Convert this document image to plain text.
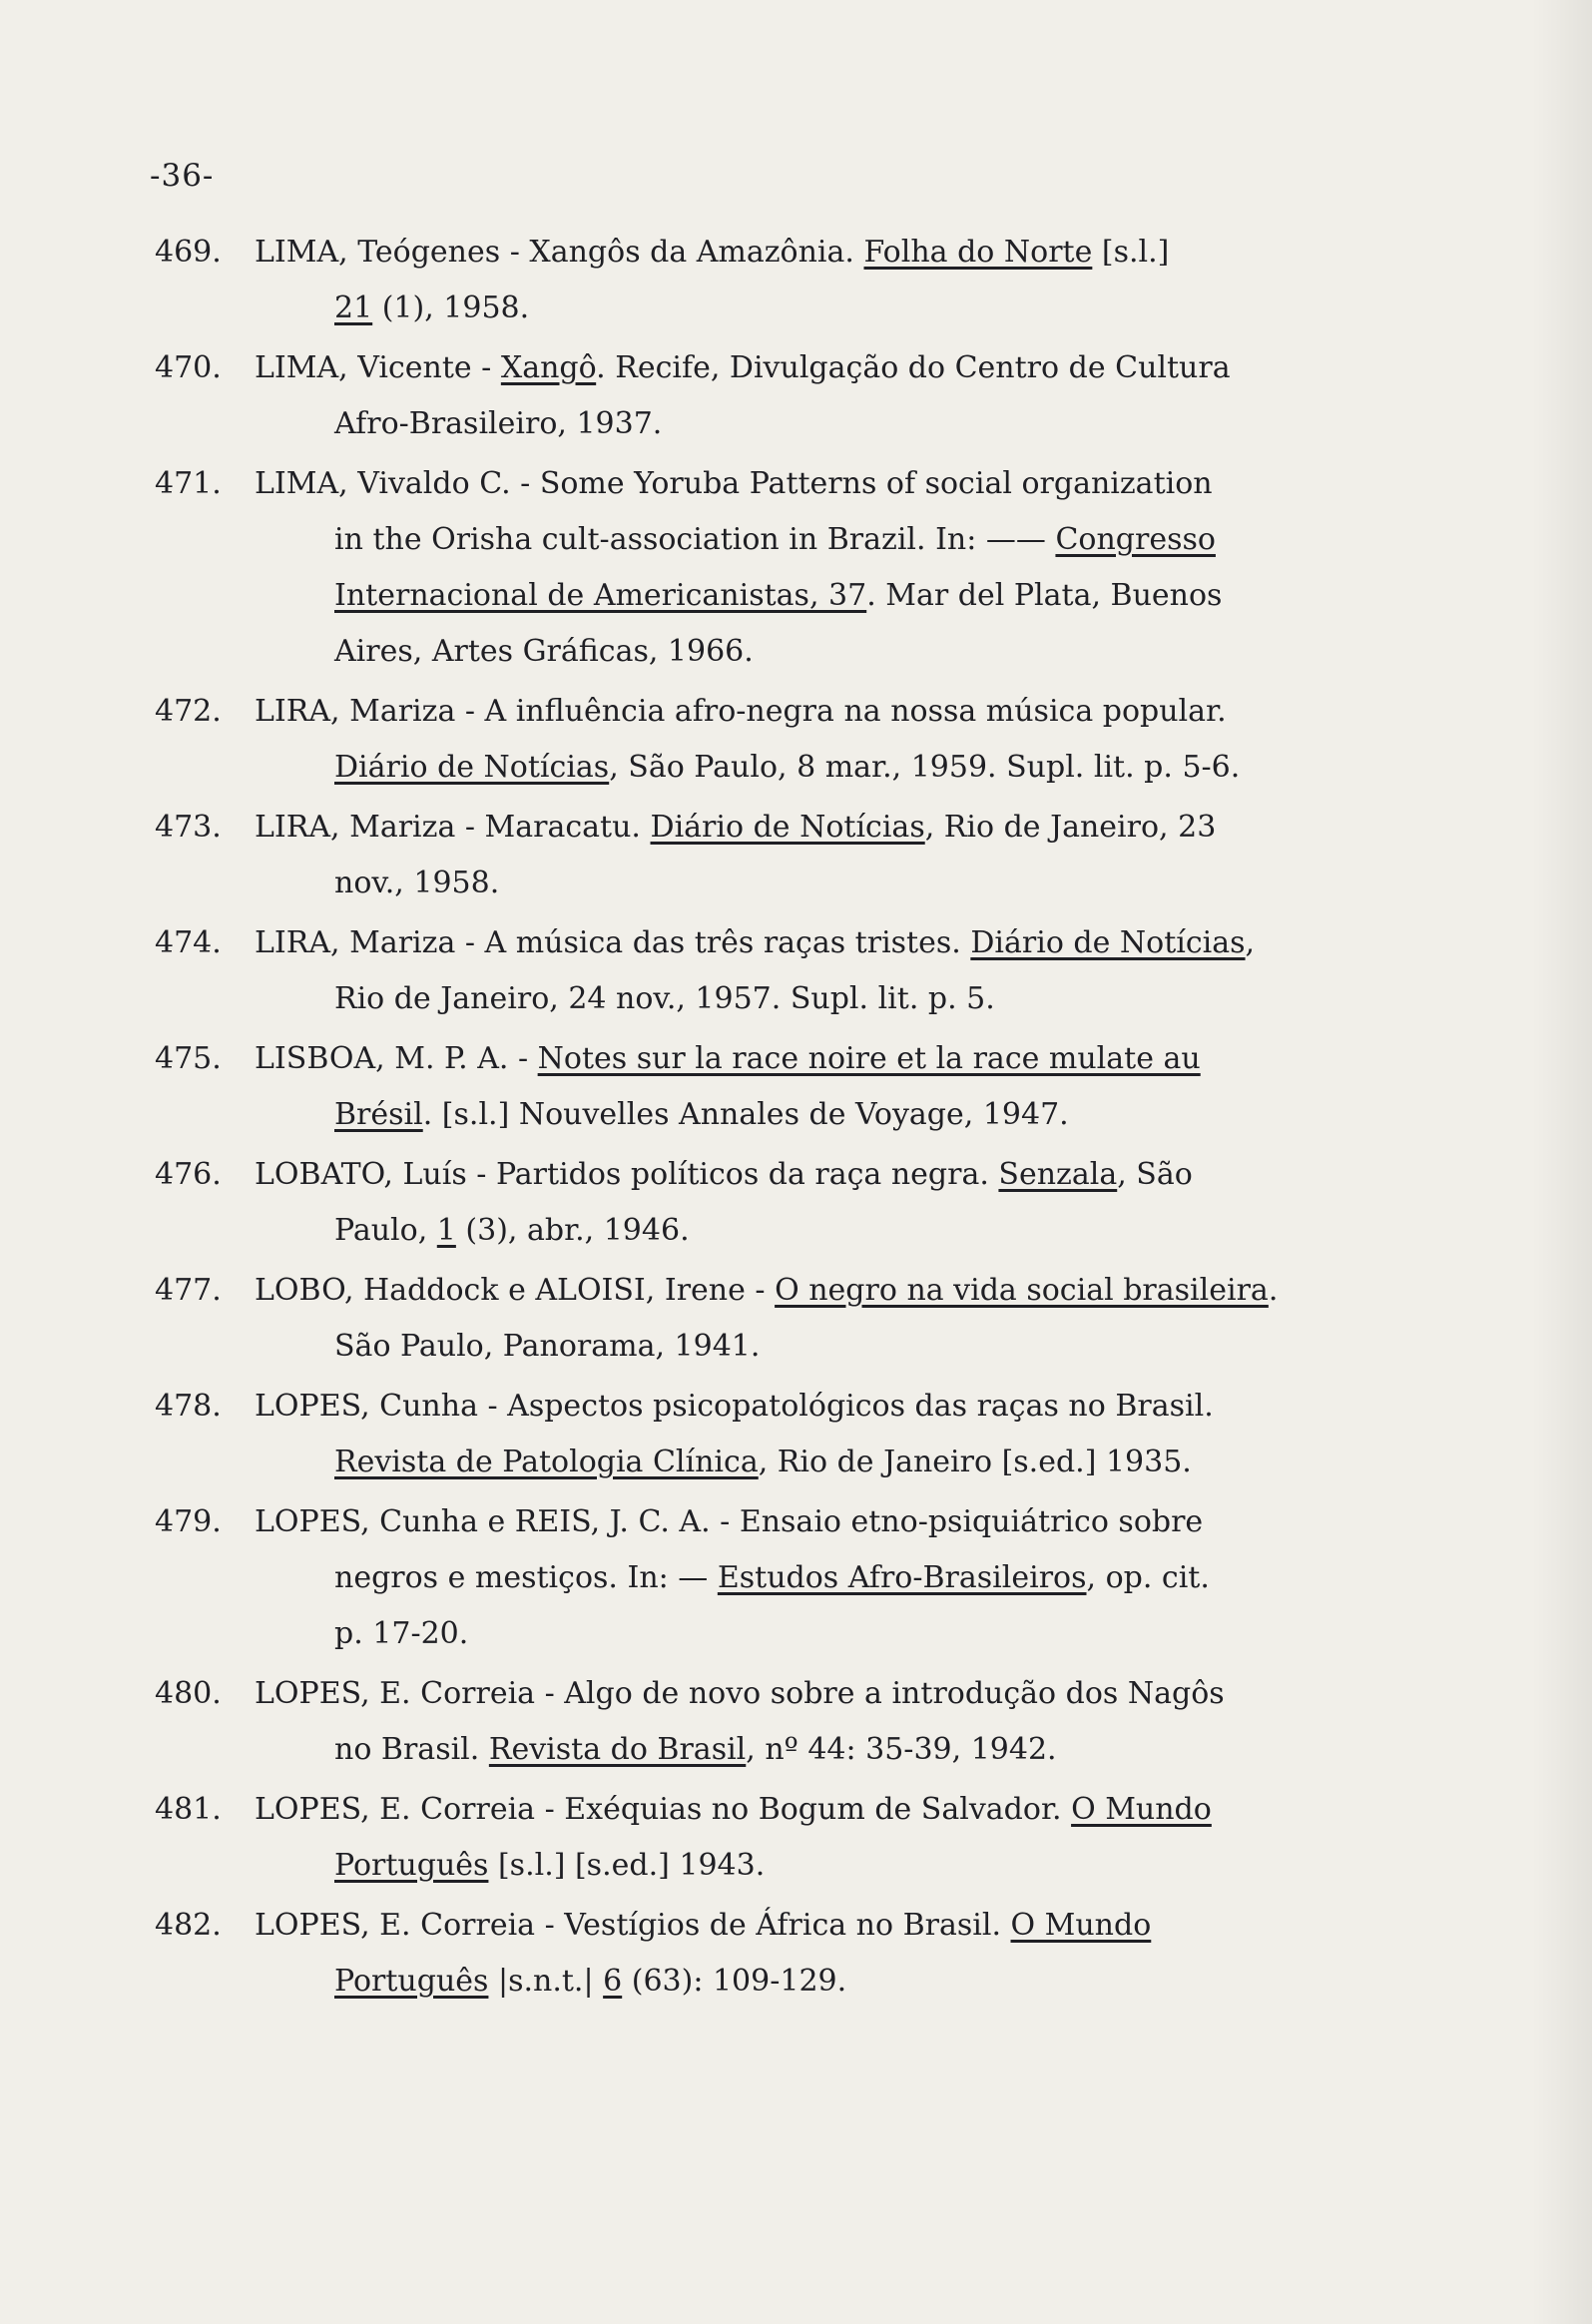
-36-
469.	LIMA, Teógenes - Xangôs da Amazônia. Folha do Norte [s.l.]
21 (1), 1958.
470.	LIMA, Vicente - Xangô. Recife, Divulgação do Centro de Cultura
Afro-Brasileiro, 1937.
471.	LIMA, Vivaldo C. - Some Yoruba Patterns of social organization
in the Orisha cult-association in Brazil. In: —— Congresso
Internacional de Americanistas, 37. Mar del Plata, Buenos
Aires, Artes Gráficas, 1966.
472.	LIRA, Mariza - A influência afro-negra na nossa música popular.
Diário de Notícias, São Paulo, 8 mar., 1959. Supl. lit. p. 5-6.
473.	LIRA, Mariza - Maracatu. Diário de Notícias, Rio de Janeiro, 23
nov., 1958.
474.	LIRA, Mariza - A música das três raças tristes. Diário de Notícias,
Rio de Janeiro, 24 nov., 1957. Supl. lit. p. 5.
475.	LISBOA, M. P. A. - Notes sur la race noire et la race mulate au
Brésil. [s.l.] Nouvelles Annales de Voyage, 1947.
476.	LOBATO, Luís - Partidos políticos da raça negra. Senzala, São
Paulo, 1 (3), abr., 1946.
477.	LOBO, Haddock e ALOISI, Irene - O negro na vida social brasileira.
São Paulo, Panorama, 1941.
478.	LOPES, Cunha - Aspectos psicopatológicos das raças no Brasil.
Revista de Patologia Clínica, Rio de Janeiro [s.ed.] 1935.
479.	LOPES, Cunha e REIS, J. C. A. - Ensaio etno-psiquiátrico sobre
negros e mestiços. In: — Estudos Afro-Brasileiros, op. cit.
p. 17-20.
480.	LOPES, E. Correia - Algo de novo sobre a introdução dos Nagôs
no Brasil. Revista do Brasil, nº 44: 35-39, 1942.
481.	LOPES, E. Correia - Exéquias no Bogum de Salvador. O Mundo
Português [s.l.] [s.ed.] 1943.
482.	LOPES, E. Correia - Vestígios de África no Brasil. O Mundo
Português |s.n.t.| 6 (63): 109-129.
